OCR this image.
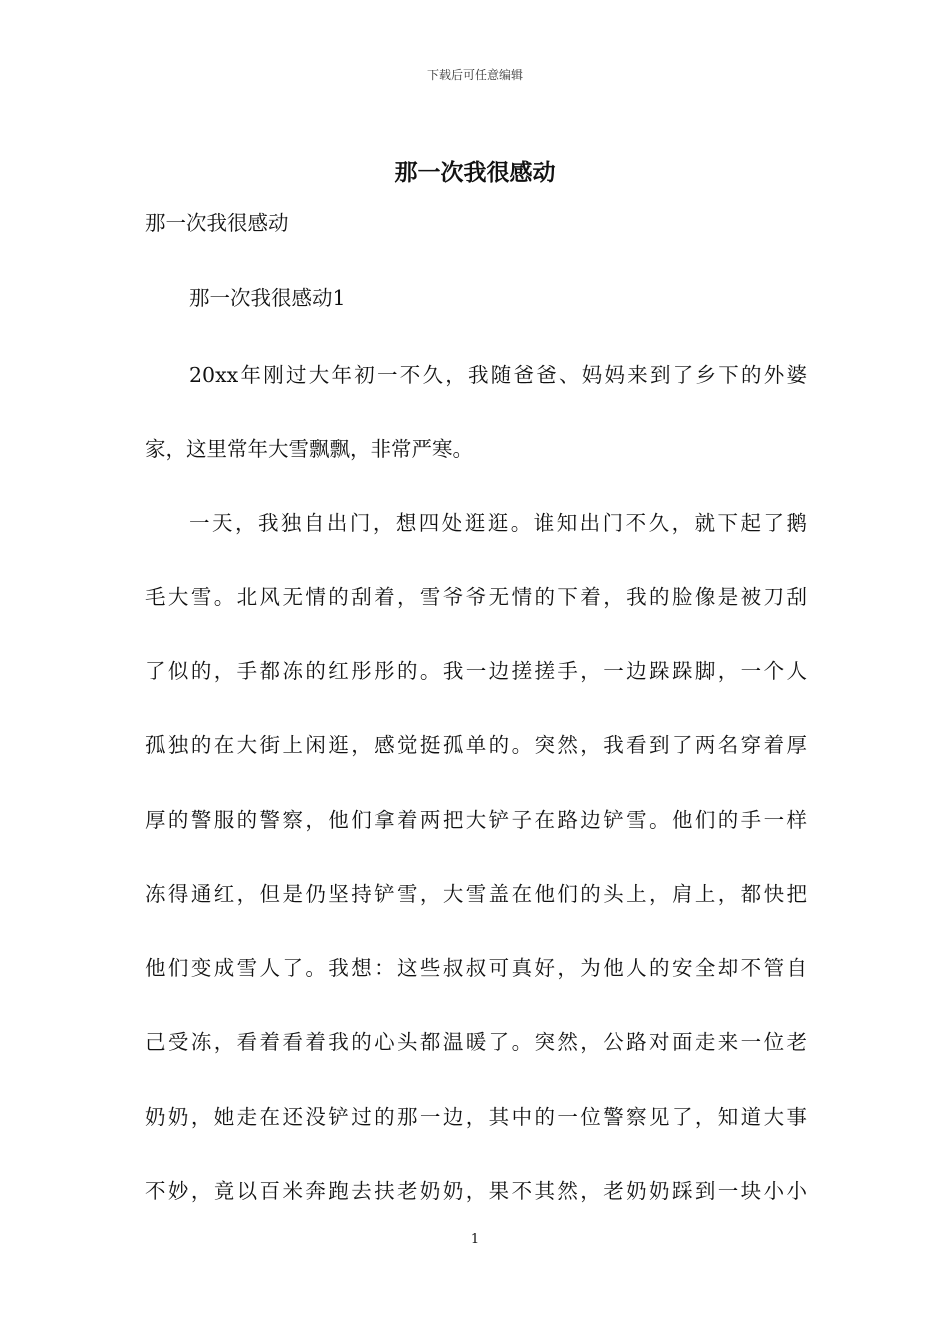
下载后可任意编辑
那一次我很感动
那一次我很感动
那一次我很感动1
20xx年刚过大年初一不久，我随爸爸、妈妈来到了乡下的外婆
家，这里常年大雪飘飘，非常严寒。
一天，我独自出门，想四处逛逛。谁知出门不久，就下起了鹅
毛大雪。北风无情的刮着，雪爷爷无情的下着，我的脸像是被刀刮
了似的，手都冻的红彤彤的。我一边搓搓手，一边跺跺脚，一个人
孤独的在大街上闲逛，感觉挺孤单的。突然，我看到了两名穿着厚
厚的警服的警察，他们拿着两把大铲子在路边铲雪。他们的手一样
冻得通红，但是仍坚持铲雪，大雪盖在他们的头上，肩上，都快把
他们变成雪人了。我想：这些叔叔可真好，为他人的安全却不管自
己受冻，看着看着我的心头都温暖了。突然，公路对面走来一位老
奶奶，她走在还没铲过的那一边，其中的一位警察见了，知道大事
不妙，竟以百米奔跑去扶老奶奶，果不其然，老奶奶踩到一块小小
1
